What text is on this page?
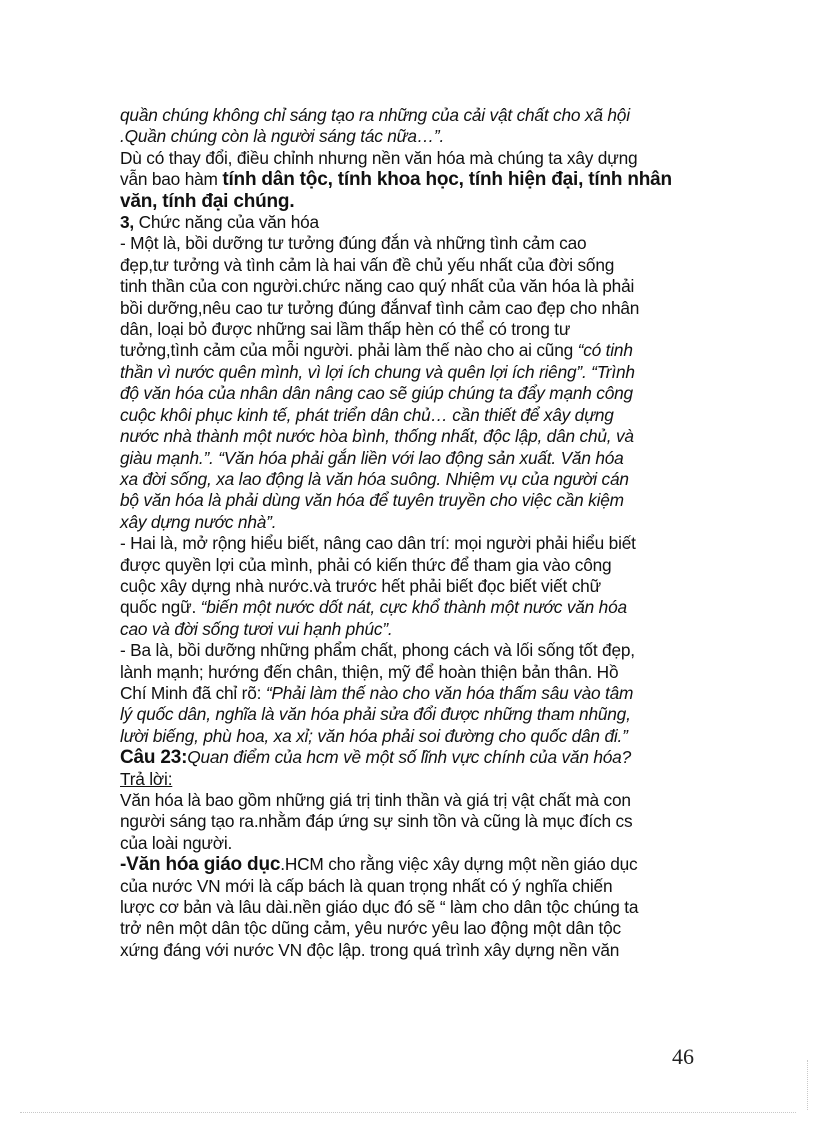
quần chúng không chỉ sáng tạo ra những của cải vật chất cho xã hội
.Quần chúng còn là người sáng tác nữa…”.
Dù có thay đổi, điều chỉnh nhưng nền văn hóa mà chúng ta xây dựng
vẫn bao hàm tính dân tộc, tính khoa học, tính hiện đại, tính nhân
văn, tính đại chúng.
3, Chức năng của văn hóa
- Một là, bồi dưỡng tư tưởng đúng đắn và những tình cảm cao
đẹp,tư tưởng và tình cảm là hai vấn đề chủ yếu nhất của đời sống
tinh thần của con người.chức năng cao quý nhất của văn hóa là phải
bồi dưỡng,nêu cao tư tưởng đúng đắnvaf tình cảm cao đẹp cho nhân
dân, loại bỏ được những sai lầm thấp hèn có thể có trong tư
tưởng,tình cảm của mỗi người. phải làm thế nào cho ai cũng “có tinh
thần vì nước quên mình, vì lợi ích chung và quên lợi ích riêng”. “Trình
độ văn hóa của nhân dân nâng cao sẽ giúp chúng ta đẩy mạnh công
cuộc khôi phục kinh tế, phát triển dân chủ… cần thiết để xây dựng
nước nhà thành một nước hòa bình, thống nhất, độc lập, dân chủ, và
giàu mạnh.”. “Văn hóa phải gắn liền với lao động sản xuất. Văn hóa
xa đời sống, xa lao động là văn hóa suông. Nhiệm vụ của người cán
bộ văn hóa là phải dùng văn hóa để tuyên truyền cho việc cần kiệm
xây dựng nước nhà”.
- Hai là, mở rộng hiểu biết, nâng cao dân trí: mọi người phải hiểu biết
được quyền lợi của mình, phải có kiến thức để tham gia vào công
cuộc xây dựng nhà nước.và trước hết phải biết đọc biết viết chữ
quốc ngữ. “biến một nước dốt nát, cực khổ thành một nước văn hóa
cao và đời sống tươi vui hạnh phúc”.
- Ba là, bồi dưỡng những phẩm chất, phong cách và lối sống tốt đẹp,
lành mạnh; hướng đến chân, thiện, mỹ để hoàn thiện bản thân. Hồ
Chí Minh đã chỉ rõ: “Phải làm thế nào cho văn hóa thấm sâu vào tâm
lý quốc dân, nghĩa là văn hóa phải sửa đổi được những tham nhũng,
lười biếng, phù hoa, xa xỉ; văn hóa phải soi đường cho quốc dân đi.”
Câu 23:Quan điểm của hcm về một số lĩnh vực chính của văn hóa?
Trả lời:
Văn hóa là bao gồm những giá trị tinh thần và giá trị vật chất mà con
người sáng tạo ra.nhằm đáp ứng sự sinh tồn và cũng là mục đích cs
của loài người.
-Văn hóa giáo dục.HCM cho rằng việc xây dựng một nền giáo dục
của nước VN mới là cấp bách là quan trọng nhất có ý nghĩa chiến
lược cơ bản và lâu dài.nền giáo dục đó sẽ “ làm cho dân tộc chúng ta
trở nên một dân tộc dũng cảm, yêu nước yêu lao động một dân tộc
xứng đáng với nước VN độc lập. trong quá trình xây dựng nền văn
46
